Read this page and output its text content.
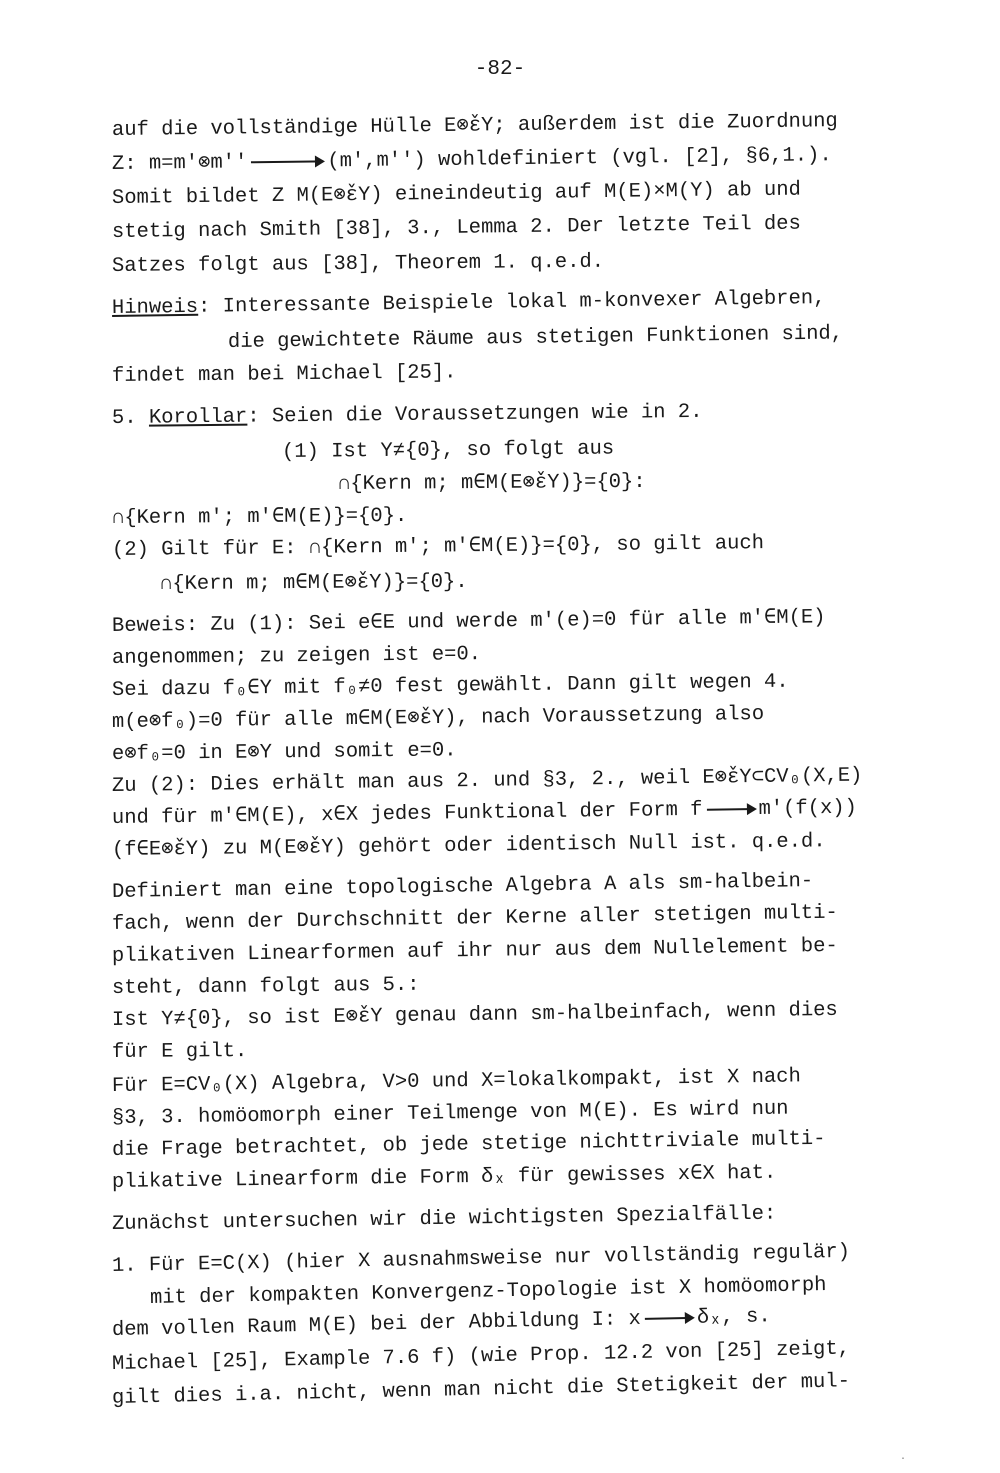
-82-
auf die vollständige Hülle E⊗̌εY; außerdem ist die Zuordnung
Z: m=m'⊗m''	(m',m'') wohldefiniert (vgl. [2], §6,1.).
Somit bildet Z M(E⊗̌εY) eineindeutig auf M(E)×M(Y) ab und
stetig nach Smith [38], 3., Lemma 2. Der letzte Teil des
Satzes folgt aus [38], Theorem 1. q.e.d.
Hinweis: Interessante Beispiele lokal m-konvexer Algebren,
die gewichtete Räume aus stetigen Funktionen sind,
findet man bei Michael [25].
5. Korollar: Seien die Voraussetzungen wie in 2.
(1) Ist Y≠{0}, so folgt aus
∩{Kern m; m∈M(E⊗̌εY)}={0}:
∩{Kern m'; m'∈M(E)}={0}.
(2) Gilt für E: ∩{Kern m'; m'∈M(E)}={0}, so gilt auch
∩{Kern m; m∈M(E⊗̌εY)}={0}.
Beweis: Zu (1): Sei e∈E und werde m'(e)=0 für alle m'∈M(E)
angenommen; zu zeigen ist e=0.
Sei dazu f₀∈Y mit f₀≠0 fest gewählt. Dann gilt wegen 4.
m(e⊗f₀)=0 für alle m∈M(E⊗̌εY), nach Voraussetzung also
e⊗f₀=0 in E⊗Y und somit e=0.
Zu (2): Dies erhält man aus 2. und §3, 2., weil E⊗̌εY⊂CV₀(X,E)
und für m'∈M(E), x∈X jedes Funktional der Form f	m'(f(x))
(f∈E⊗̌εY) zu M(E⊗̌εY) gehört oder identisch Null ist. q.e.d.
Definiert man eine topologische Algebra A als sm-halbein-
fach, wenn der Durchschnitt der Kerne aller stetigen multi-
plikativen Linearformen auf ihr nur aus dem Nullelement be-
steht, dann folgt aus 5.:
Ist Y≠{0}, so ist E⊗̌εY genau dann sm-halbeinfach, wenn dies
für E gilt.
Für E=CV₀(X) Algebra, V>0 und X=lokalkompakt, ist X nach
§3, 3. homöomorph einer Teilmenge von M(E). Es wird nun
die Frage betrachtet, ob jede stetige nichttriviale multi-
plikative Linearform die Form δₓ für gewisses x∈X hat.
Zunächst untersuchen wir die wichtigsten Spezialfälle:
1. Für E=C(X) (hier X ausnahmsweise nur vollständig regulär)
mit der kompakten Konvergenz-Topologie ist X homöomorph
dem vollen Raum M(E) bei der Abbildung I: x	δₓ, s.
Michael [25], Example 7.6 f) (wie Prop. 12.2 von [25] zeigt,
gilt dies i.a. nicht, wenn man nicht die Stetigkeit der mul-
.
